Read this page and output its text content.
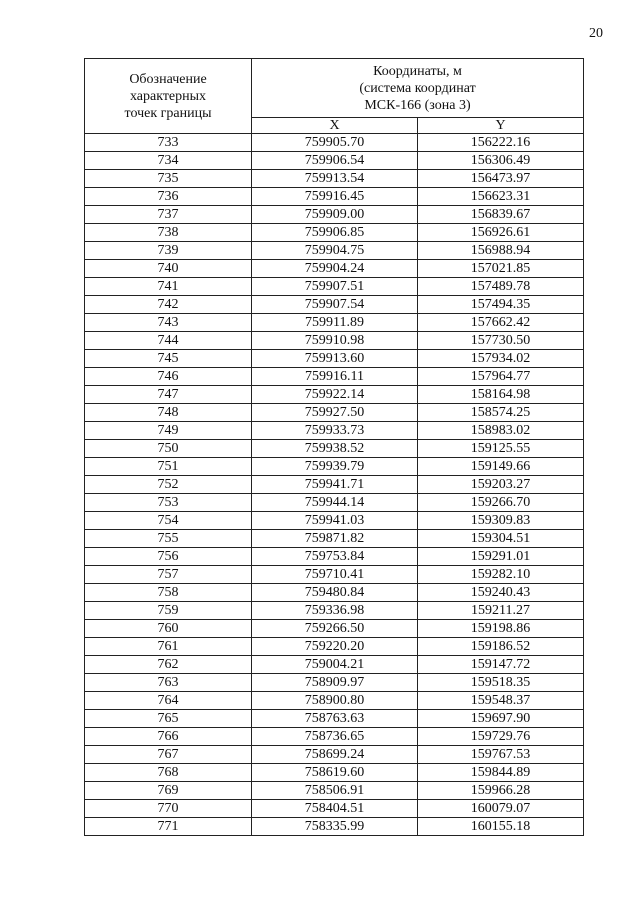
20
Обозначение
характерных
точек границы	Координаты, м
(система координат
МСК-166 (зона 3)	

	X	Y
733	759905.70	156222.16
734	759906.54	156306.49
735	759913.54	156473.97
736	759916.45	156623.31
737	759909.00	156839.67
738	759906.85	156926.61
739	759904.75	156988.94
740	759904.24	157021.85
741	759907.51	157489.78
742	759907.54	157494.35
743	759911.89	157662.42
744	759910.98	157730.50
745	759913.60	157934.02
746	759916.11	157964.77
747	759922.14	158164.98
748	759927.50	158574.25
749	759933.73	158983.02
750	759938.52	159125.55
751	759939.79	159149.66
752	759941.71	159203.27
753	759944.14	159266.70
754	759941.03	159309.83
755	759871.82	159304.51
756	759753.84	159291.01
757	759710.41	159282.10
758	759480.84	159240.43
759	759336.98	159211.27
760	759266.50	159198.86
761	759220.20	159186.52
762	759004.21	159147.72
763	758909.97	159518.35
764	758900.80	159548.37
765	758763.63	159697.90
766	758736.65	159729.76
767	758699.24	159767.53
768	758619.60	159844.89
769	758506.91	159966.28
770	758404.51	160079.07
771	758335.99	160155.18
